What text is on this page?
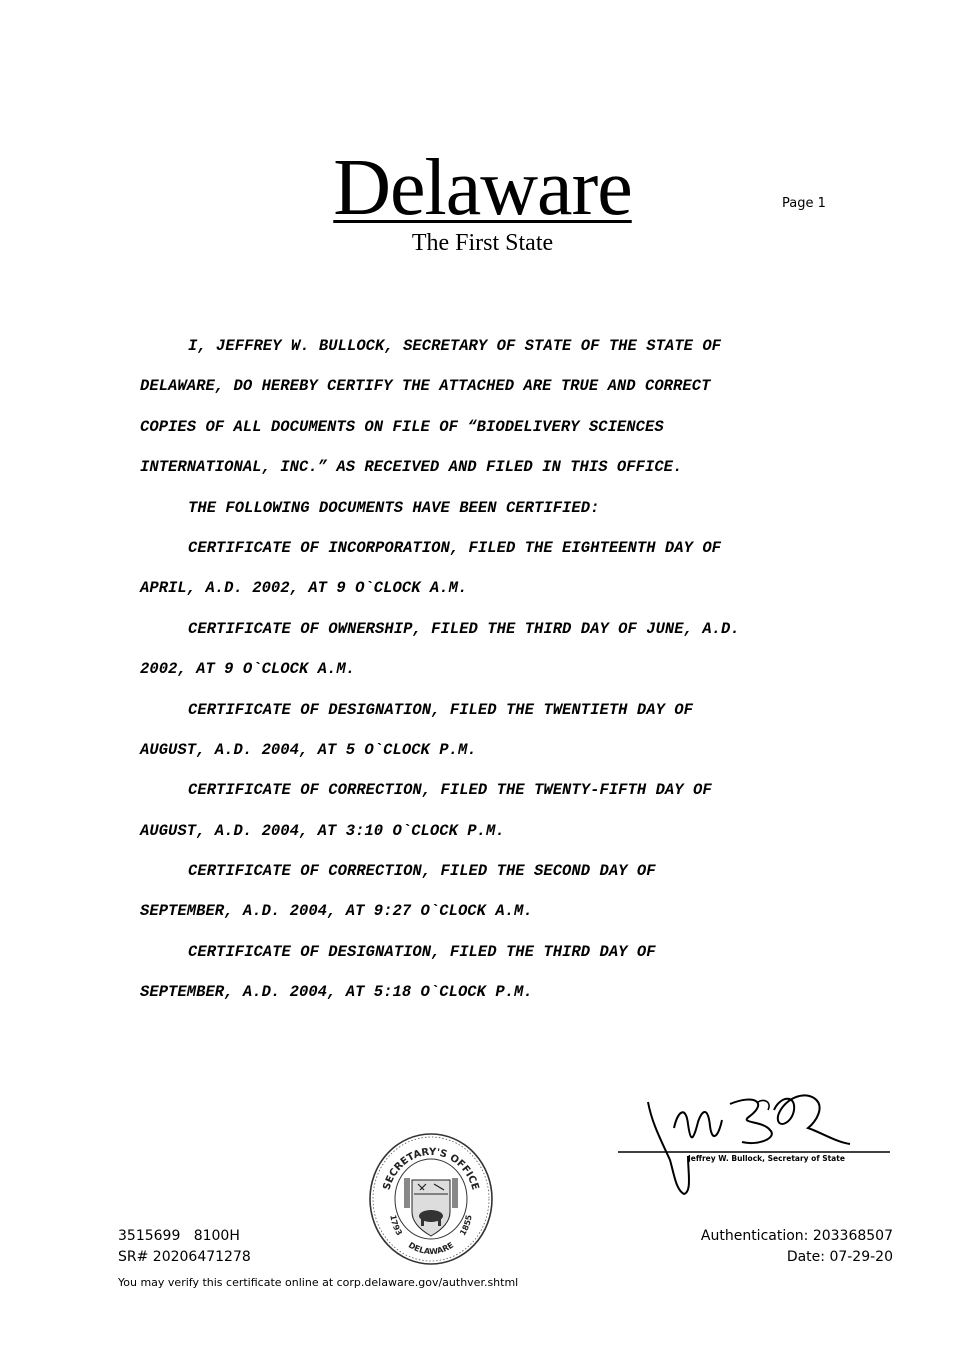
Delaware
The First State
Page 1
I, JEFFREY W. BULLOCK, SECRETARY OF STATE OF THE STATE OF
DELAWARE, DO HEREBY CERTIFY THE ATTACHED ARE TRUE AND CORRECT
COPIES OF ALL DOCUMENTS ON FILE OF “BIODELIVERY SCIENCES
INTERNATIONAL, INC.” AS RECEIVED AND FILED IN THIS OFFICE.
THE FOLLOWING DOCUMENTS HAVE BEEN CERTIFIED:
CERTIFICATE OF INCORPORATION, FILED THE EIGHTEENTH DAY OF
APRIL, A.D. 2002, AT 9 O`CLOCK A.M.
CERTIFICATE OF OWNERSHIP, FILED THE THIRD DAY OF JUNE, A.D.
2002, AT 9 O`CLOCK A.M.
CERTIFICATE OF DESIGNATION, FILED THE TWENTIETH DAY OF
AUGUST, A.D. 2004, AT 5 O`CLOCK P.M.
CERTIFICATE OF CORRECTION, FILED THE TWENTY-FIFTH DAY OF
AUGUST, A.D. 2004, AT 3:10 O`CLOCK P.M.
CERTIFICATE OF CORRECTION, FILED THE SECOND DAY OF
SEPTEMBER, A.D. 2004, AT 9:27 O`CLOCK A.M.
CERTIFICATE OF DESIGNATION, FILED THE THIRD DAY OF
SEPTEMBER, A.D. 2004, AT 5:18 O`CLOCK P.M.
Jeffrey W. Bullock, Secretary of State
SECRETARY'S OFFICE
1793
DELAWARE
1855
3515699   8100H
SR# 20206471278
Authentication: 203368507
Date: 07-29-20
You may verify this certificate online at corp.delaware.gov/authver.shtml
